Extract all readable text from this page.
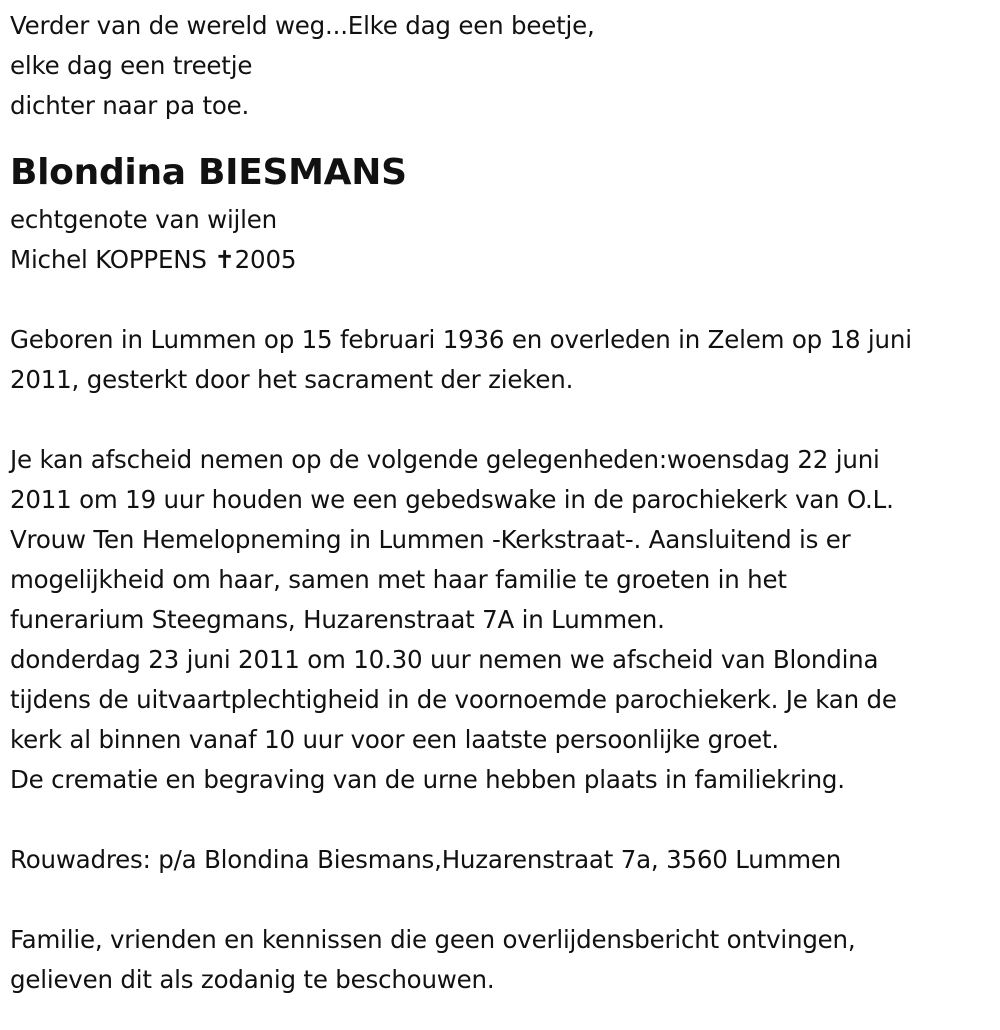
Verder van de wereld weg...Elke dag een beetje,
elke dag een treetje
dichter naar pa toe.
Blondina BIESMANS
echtgenote van wijlen
Michel KOPPENS ✝2005
Geboren in Lummen op 15 februari 1936 en overleden in Zelem op 18 juni
2011, gesterkt door het sacrament der zieken.
Je kan afscheid nemen op de volgende gelegenheden:woensdag 22 juni
2011 om 19 uur houden we een gebedswake in de parochiekerk van O.L.
Vrouw Ten Hemelopneming in Lummen -Kerkstraat-. Aansluitend is er
mogelijkheid om haar, samen met haar familie te groeten in het
funerarium Steegmans, Huzarenstraat 7A in Lummen.
donderdag 23 juni 2011 om 10.30 uur nemen we afscheid van Blondina
tijdens de uitvaartplechtigheid in de voornoemde parochiekerk. Je kan de
kerk al binnen vanaf 10 uur voor een laatste persoonlijke groet.
De crematie en begraving van de urne hebben plaats in familiekring.
Rouwadres: p/a Blondina Biesmans,Huzarenstraat 7a, 3560 Lummen
Familie, vrienden en kennissen die geen overlijdensbericht ontvingen,
gelieven dit als zodanig te beschouwen.
